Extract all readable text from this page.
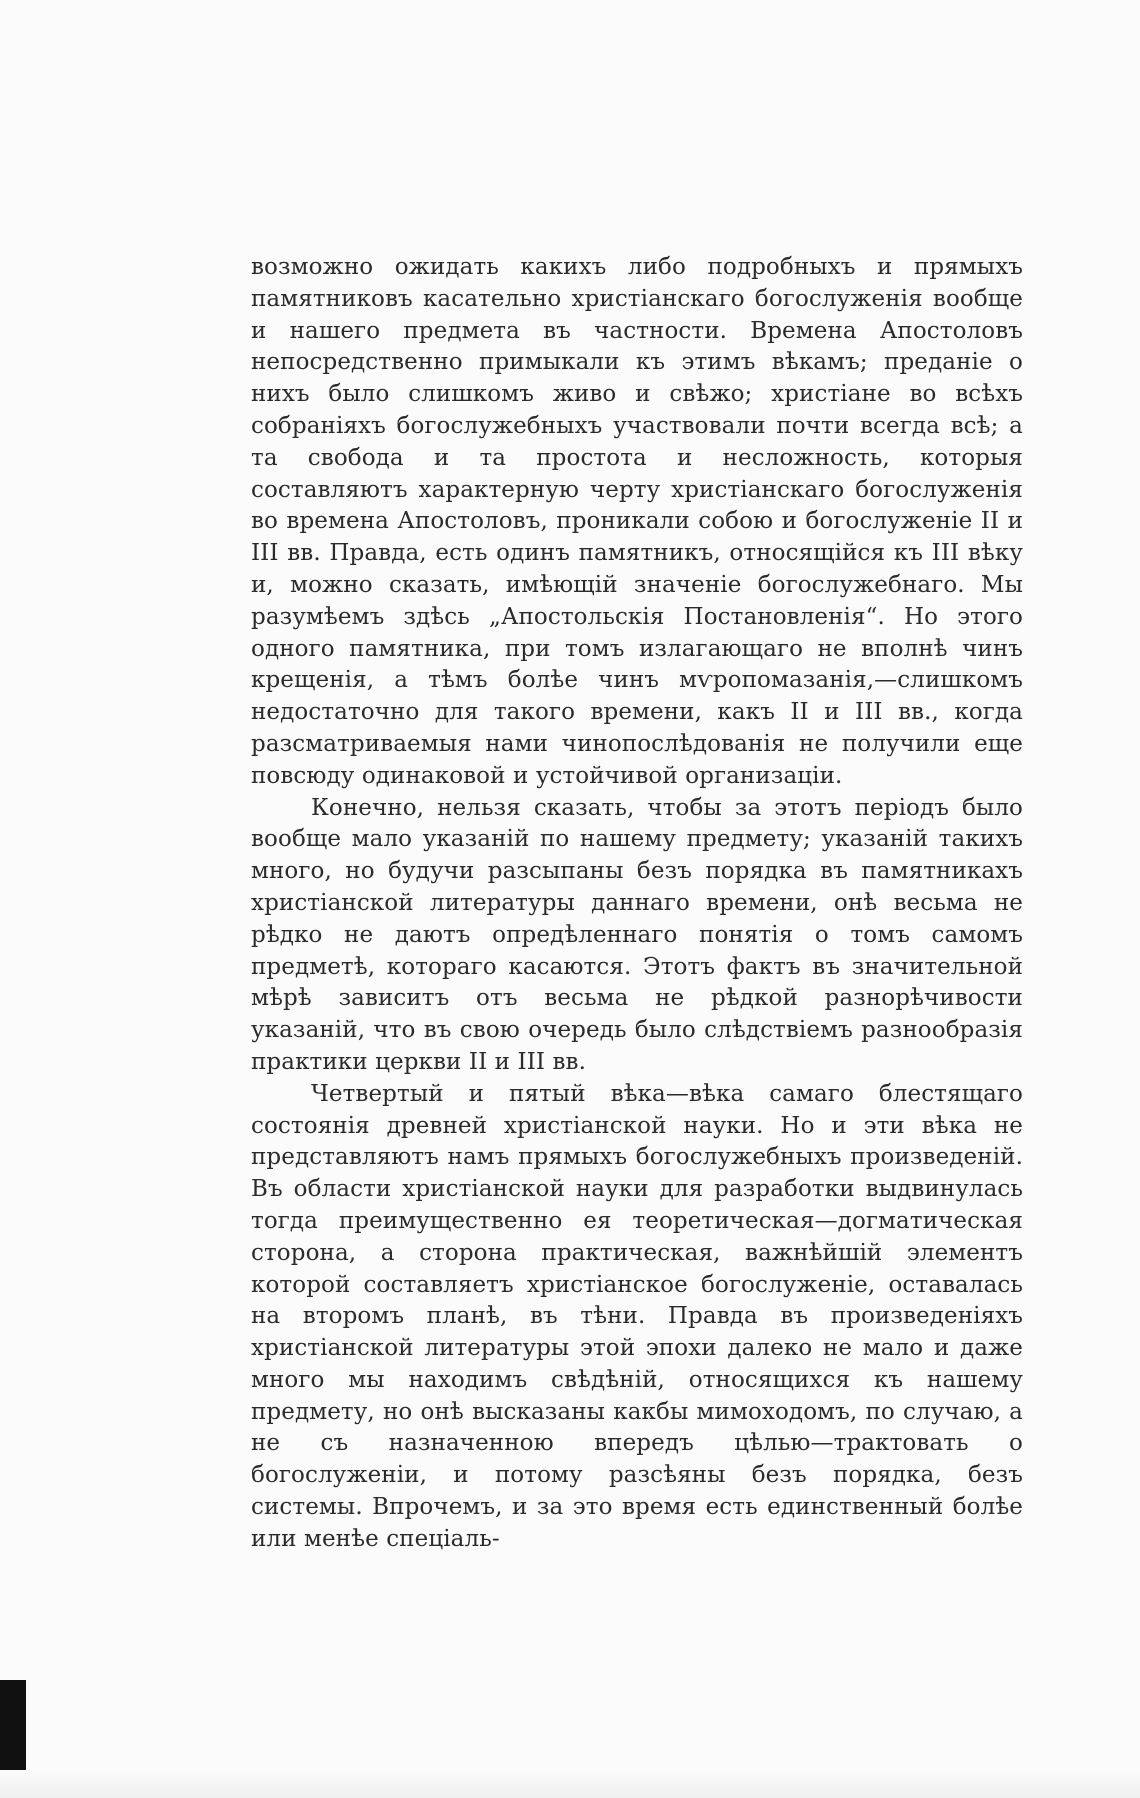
возможно ожидать какихъ либо подробныхъ и прямыхъ памятниковъ касательно христіанскаго богослуженія вообще и нашего предмета въ частности. Времена Апостоловъ непосредственно примыкали къ этимъ вѣкамъ; преданіе о нихъ было слишкомъ живо и свѣжо; христіане во всѣхъ собраніяхъ богослужебныхъ участвовали почти всегда всѣ; а та свобода и та простота и несложность, которыя составляютъ характерную черту христіанскаго богослуженія во времена Апостоловъ, проникали собою и богослуженіе II и III вв. Правда, есть одинъ памятникъ, относящійся къ III вѣку и, можно сказать, имѣющій значеніе богослужебнаго. Мы разумѣемъ здѣсь „Апостольскія Постановленія“. Но этого одного памятника, при томъ излагающаго не вполнѣ чинъ крещенія, а тѣмъ болѣе чинъ мѵропомазанія,—слишкомъ недостаточно для такого времени, какъ II и III вв., когда разсматриваемыя нами чинопослѣдованія не получили еще повсюду одинаковой и устойчивой организаціи.

Конечно, нельзя сказать, чтобы за этотъ періодъ было вообще мало указаній по нашему предмету; указаній такихъ много, но будучи разсыпаны безъ порядка въ памятникахъ христіанской литературы даннаго времени, онѣ весьма не рѣдко не даютъ опредѣленнаго понятія о томъ самомъ предметѣ, котораго касаются. Этотъ фактъ въ значительной мѣрѣ зависитъ отъ весьма не рѣдкой разнорѣчивости указаній, что въ свою очередь было слѣдствіемъ разнообразія практики церкви II и III вв.

Четвертый и пятый вѣка—вѣка самаго блестящаго состоянія древней христіанской науки. Но и эти вѣка не представляютъ намъ прямыхъ богослужебныхъ произведеній. Въ области христіанской науки для разработки выдвинулась тогда преимущественно ея теоретическая—догматическая сторона, а сторона практическая, важнѣйшій элементъ которой составляетъ христіанское богослуженіе, оставалась на второмъ планѣ, въ тѣни. Правда въ произведеніяхъ христіанской литературы этой эпохи далеко не мало и даже много мы находимъ свѣдѣній, относящихся къ нашему предмету, но онѣ высказаны какбы мимоходомъ, по случаю, а не съ назначенною впередъ цѣлью—трактовать о богослуженіи, и потому разсѣяны безъ порядка, безъ системы. Впрочемъ, и за это время есть единственный болѣе или менѣе спеціаль-
